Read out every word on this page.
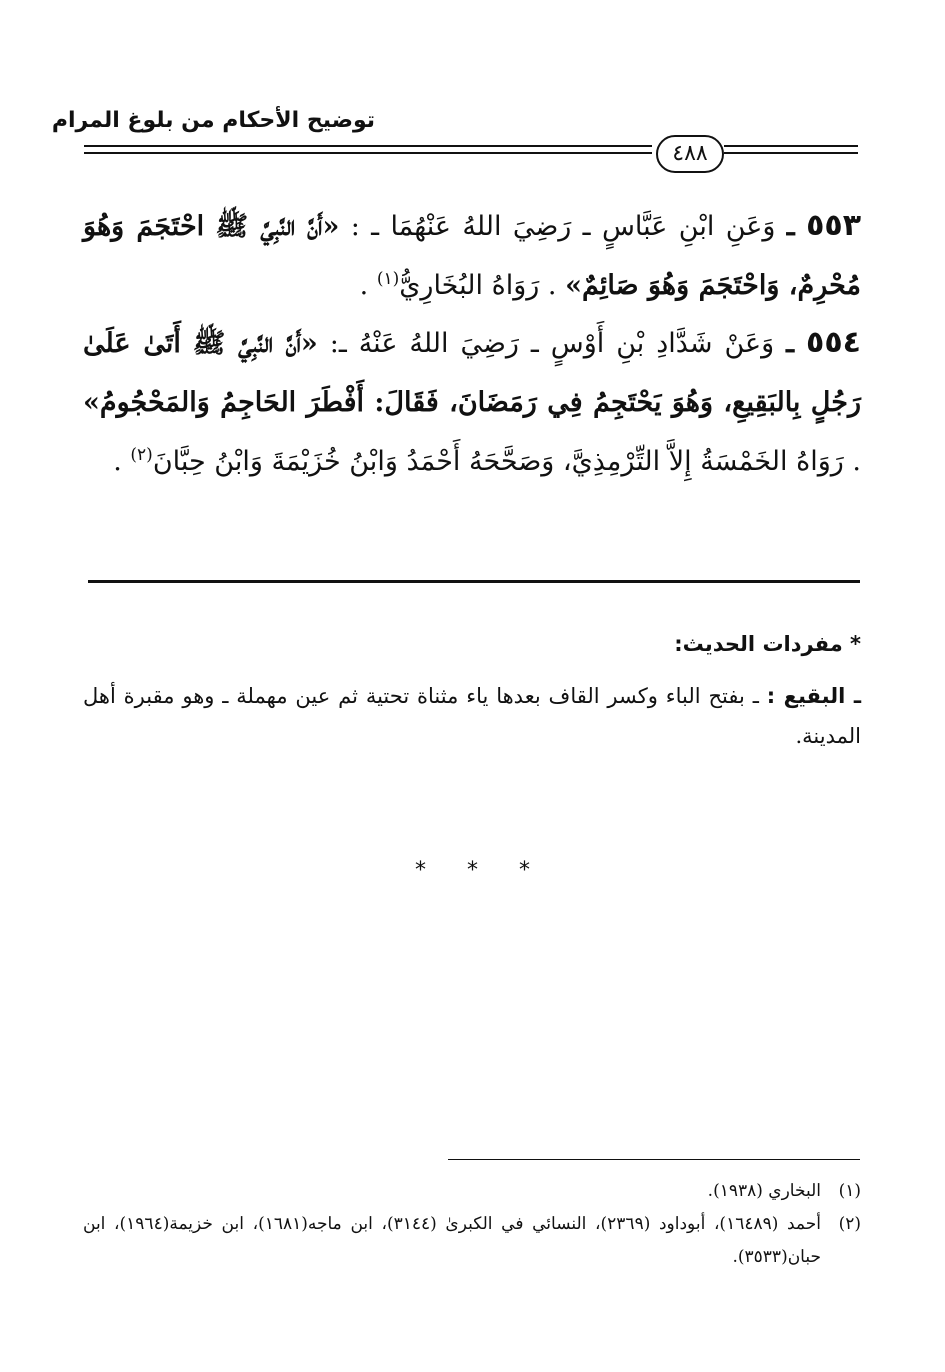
توضيح الأحكام من بلوغ المرام
٤٨٨
٥٥٣ ـ وَعَنِ ابْنِ عَبَّاسٍ ـ رَضِيَ اللهُ عَنْهُمَا ـ : «أَنَّ النَّبِيَّ ﷺ احْتَجَمَ وَهُوَ مُحْرِمٌ، وَاحْتَجَمَ وَهُوَ صَائِمٌ» . رَوَاهُ البُخَارِيُّ$^{(١)}$ .
٥٥٤ ـ وَعَنْ شَدَّادِ بْنِ أَوْسٍ ـ رَضِيَ اللهُ عَنْهُ ـ: «أَنَّ النَّبِيَّ ﷺ أَتَىٰ عَلَىٰ رَجُلٍ بِالبَقِيعِ، وَهُوَ يَحْتَجِمُ فِي رَمَضَانَ، فَقَالَ: أَفْطَرَ الحَاجِمُ وَالمَحْجُومُ» . رَوَاهُ الخَمْسَةُ إِلاَّ التِّرْمِذِيَّ، وَصَحَّحَهُ أَحْمَدُ وَابْنُ خُزَيْمَةَ وَابْنُ حِبَّانَ$^{(٢)}$ .
* مفردات الحديث:
ـ البقيع : ـ بفتح الباء وكسر القاف بعدها ياء مثناة تحتية ثم عين مهملة ـ وهو مقبرة أهل المدينة.
* * *
(١)
البخاري (١٩٣٨).
(٢)
أحمد (١٦٤٨٩)، أبوداود (٢٣٦٩)، النسائي في الكبرىٰ (٣١٤٤)، ابن ماجه(١٦٨١)، ابن خزيمة(١٩٦٤)، ابن حبان(٣٥٣٣).
